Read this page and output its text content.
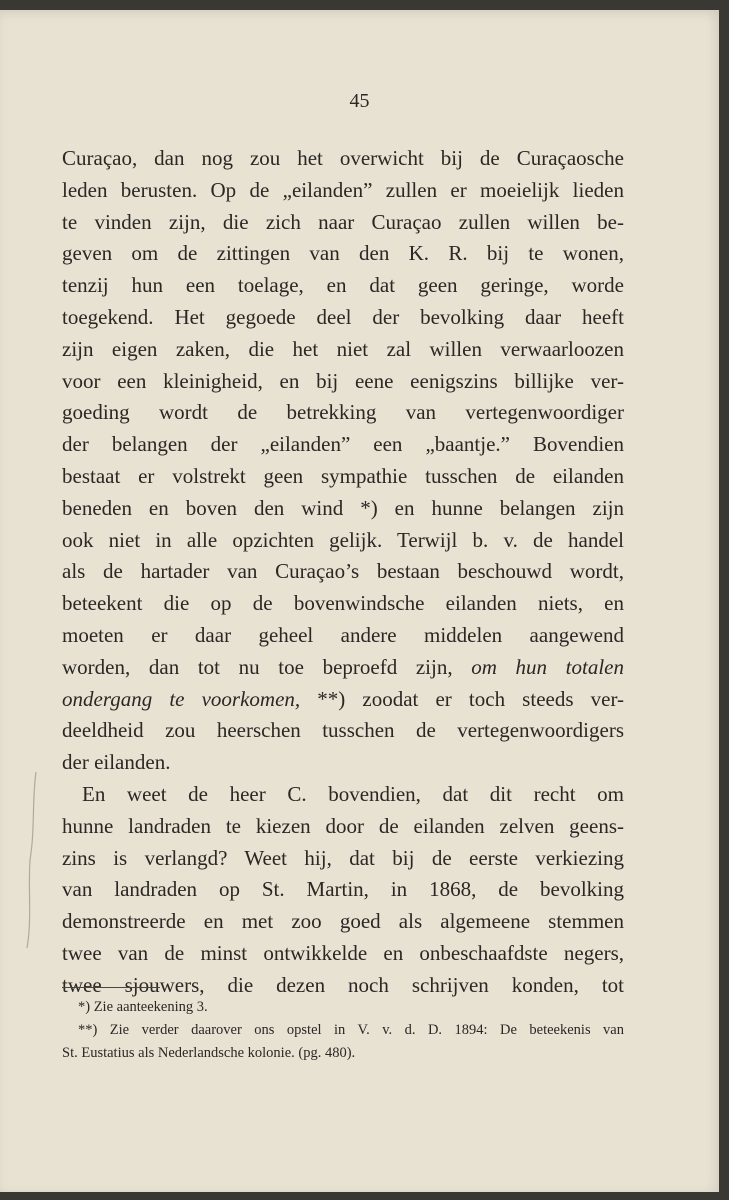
45
Curaçao, dan nog zou het overwicht bij de Curaçaosche
leden berusten. Op de „eilanden” zullen er moeielijk lieden
te vinden zijn, die zich naar Curaçao zullen willen be-
geven om de zittingen van den K. R. bij te wonen,
tenzij hun een toelage, en dat geen geringe, worde
toegekend. Het gegoede deel der bevolking daar heeft
zijn eigen zaken, die het niet zal willen verwaarloozen
voor een kleinigheid, en bij eene eenigszins billijke ver-
goeding wordt de betrekking van vertegenwoordiger
der belangen der „eilanden” een „baantje.” Bovendien
bestaat er volstrekt geen sympathie tusschen de eilanden
beneden en boven den wind *) en hunne belangen zijn
ook niet in alle opzichten gelijk. Terwijl b. v. de handel
als de hartader van Curaçao’s bestaan beschouwd wordt,
beteekent die op de bovenwindsche eilanden niets, en
moeten er daar geheel andere middelen aangewend
worden, dan tot nu toe beproefd zijn, om hun totalen
ondergang te voorkomen, **) zoodat er toch steeds ver-
deeldheid zou heerschen tusschen de vertegenwoordigers
der eilanden.
En weet de heer C. bovendien, dat dit recht om
hunne landraden te kiezen door de eilanden zelven geens-
zins is verlangd? Weet hij, dat bij de eerste verkiezing
van landraden op St. Martin, in 1868, de bevolking
demonstreerde en met zoo goed als algemeene stemmen
twee van de minst ontwikkelde en onbeschaafdste negers,
twee sjouwers, die dezen noch schrijven konden, tot
*) Zie aanteekening 3.
**) Zie verder daarover ons opstel in V. v. d. D. 1894: De beteekenis van
St. Eustatius als Nederlandsche kolonie. (pg. 480).
